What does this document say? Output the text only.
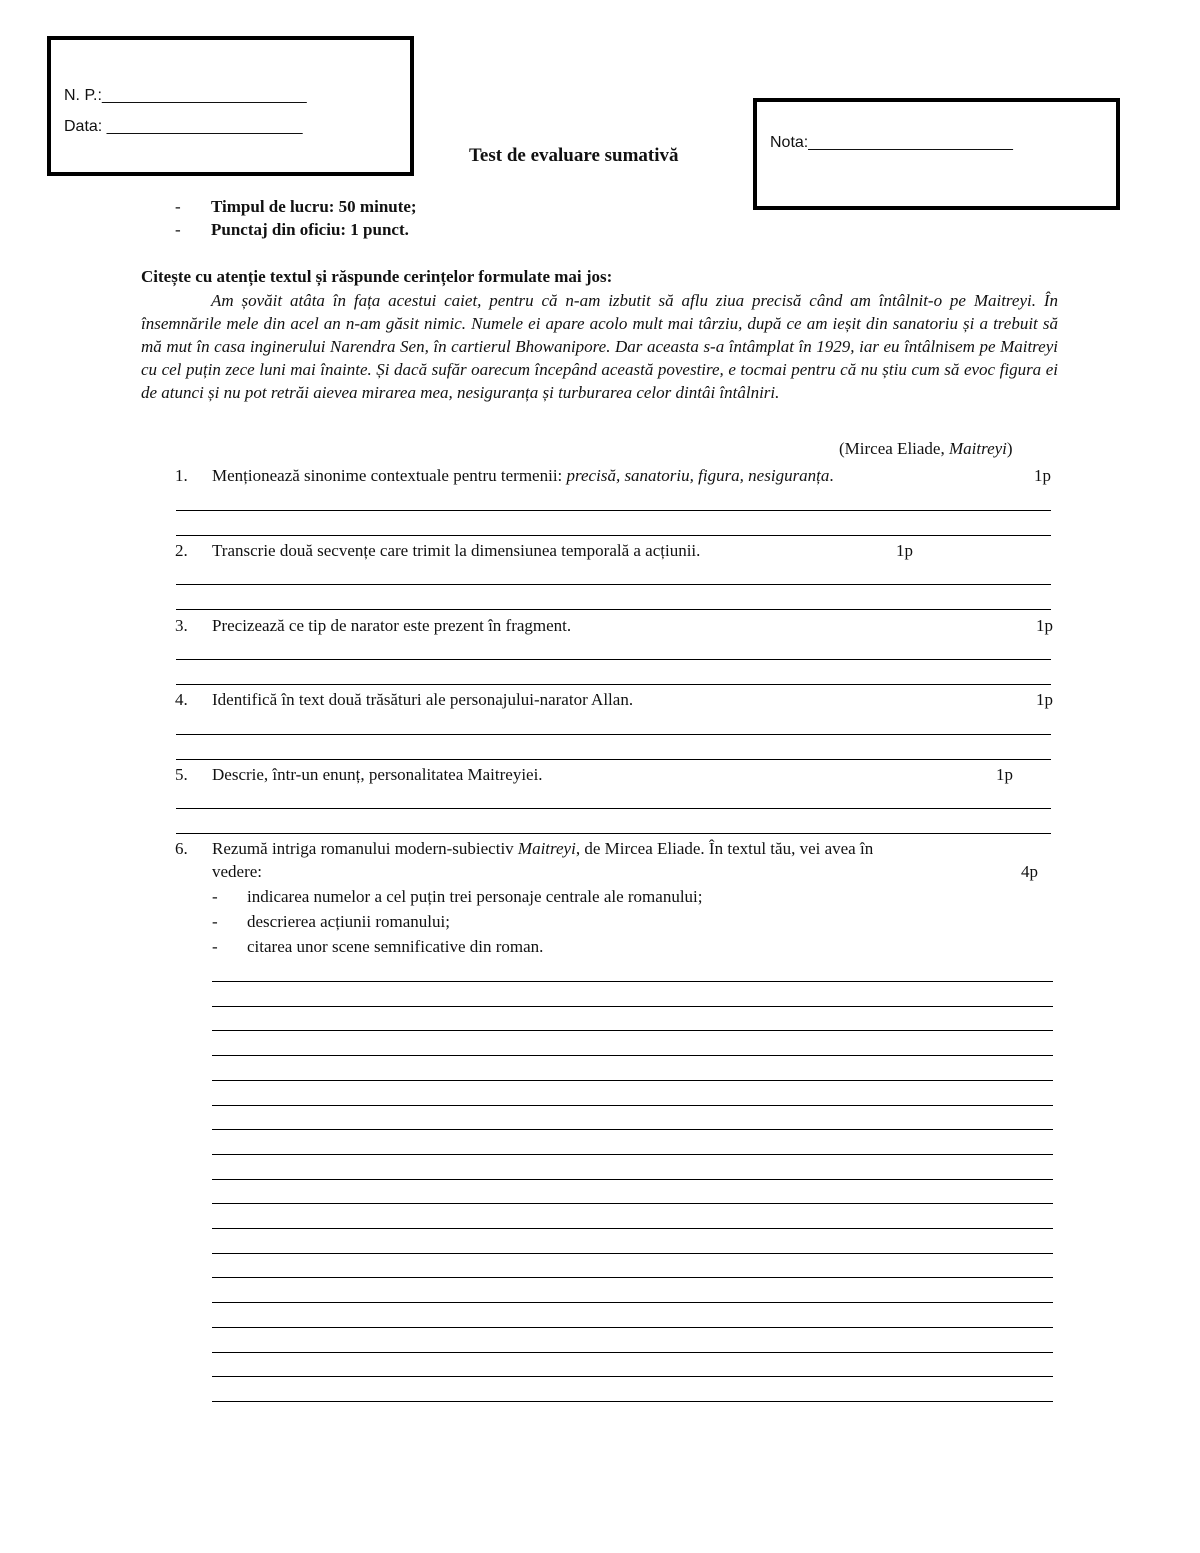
N. P.:_______________________
Data: ______________________
Test de evaluare sumativă
Nota:_______________________
- Timpul de lucru: 50 minute;
- Punctaj din oficiu: 1 punct.
Citește cu atenție textul și răspunde cerințelor formulate mai jos:
Am șovăit atâta în fața acestui caiet, pentru că n-am izbutit să aflu ziua precisă când am întâlnit-o pe Maitreyi. În însemnările mele din acel an n-am găsit nimic. Numele ei apare acolo mult mai târziu, după ce am ieșit din sanatoriu și a trebuit să mă mut în casa inginerului Narendra Sen, în cartierul Bhowanipore. Dar aceasta s-a întâmplat în 1929, iar eu întâlnisem pe Maitreyi cu cel puțin zece luni mai înainte. Și dacă sufăr oarecum începând această povestire, e tocmai pentru că nu știu cum să evoc figura ei de atunci și nu pot retrăi aievea mirarea mea, nesiguranța și turburarea celor dintâi întâlniri.
(Mircea Eliade, Maitreyi)
1. Menționează sinonime contextuale pentru termenii: precisă, sanatoriu, figura, nesiguranța.	1p
2. Transcrie două secvențe care trimit la dimensiunea temporală a acțiunii.	1p
3. Precizează ce tip de narator este prezent în fragment.	1p
4. Identifică în text două trăsături ale personajului-narator Allan.	1p
5. Descrie, într-un enunț, personalitatea Maitreyiei.	1p
6. Rezumă intriga romanului modern-subiectiv Maitreyi, de Mircea Eliade. În textul tău, vei avea în
vedere:	4p
- indicarea numelor a cel puțin trei personaje centrale ale romanului;
- descrierea acțiunii romanului;
- citarea unor scene semnificative din roman.
